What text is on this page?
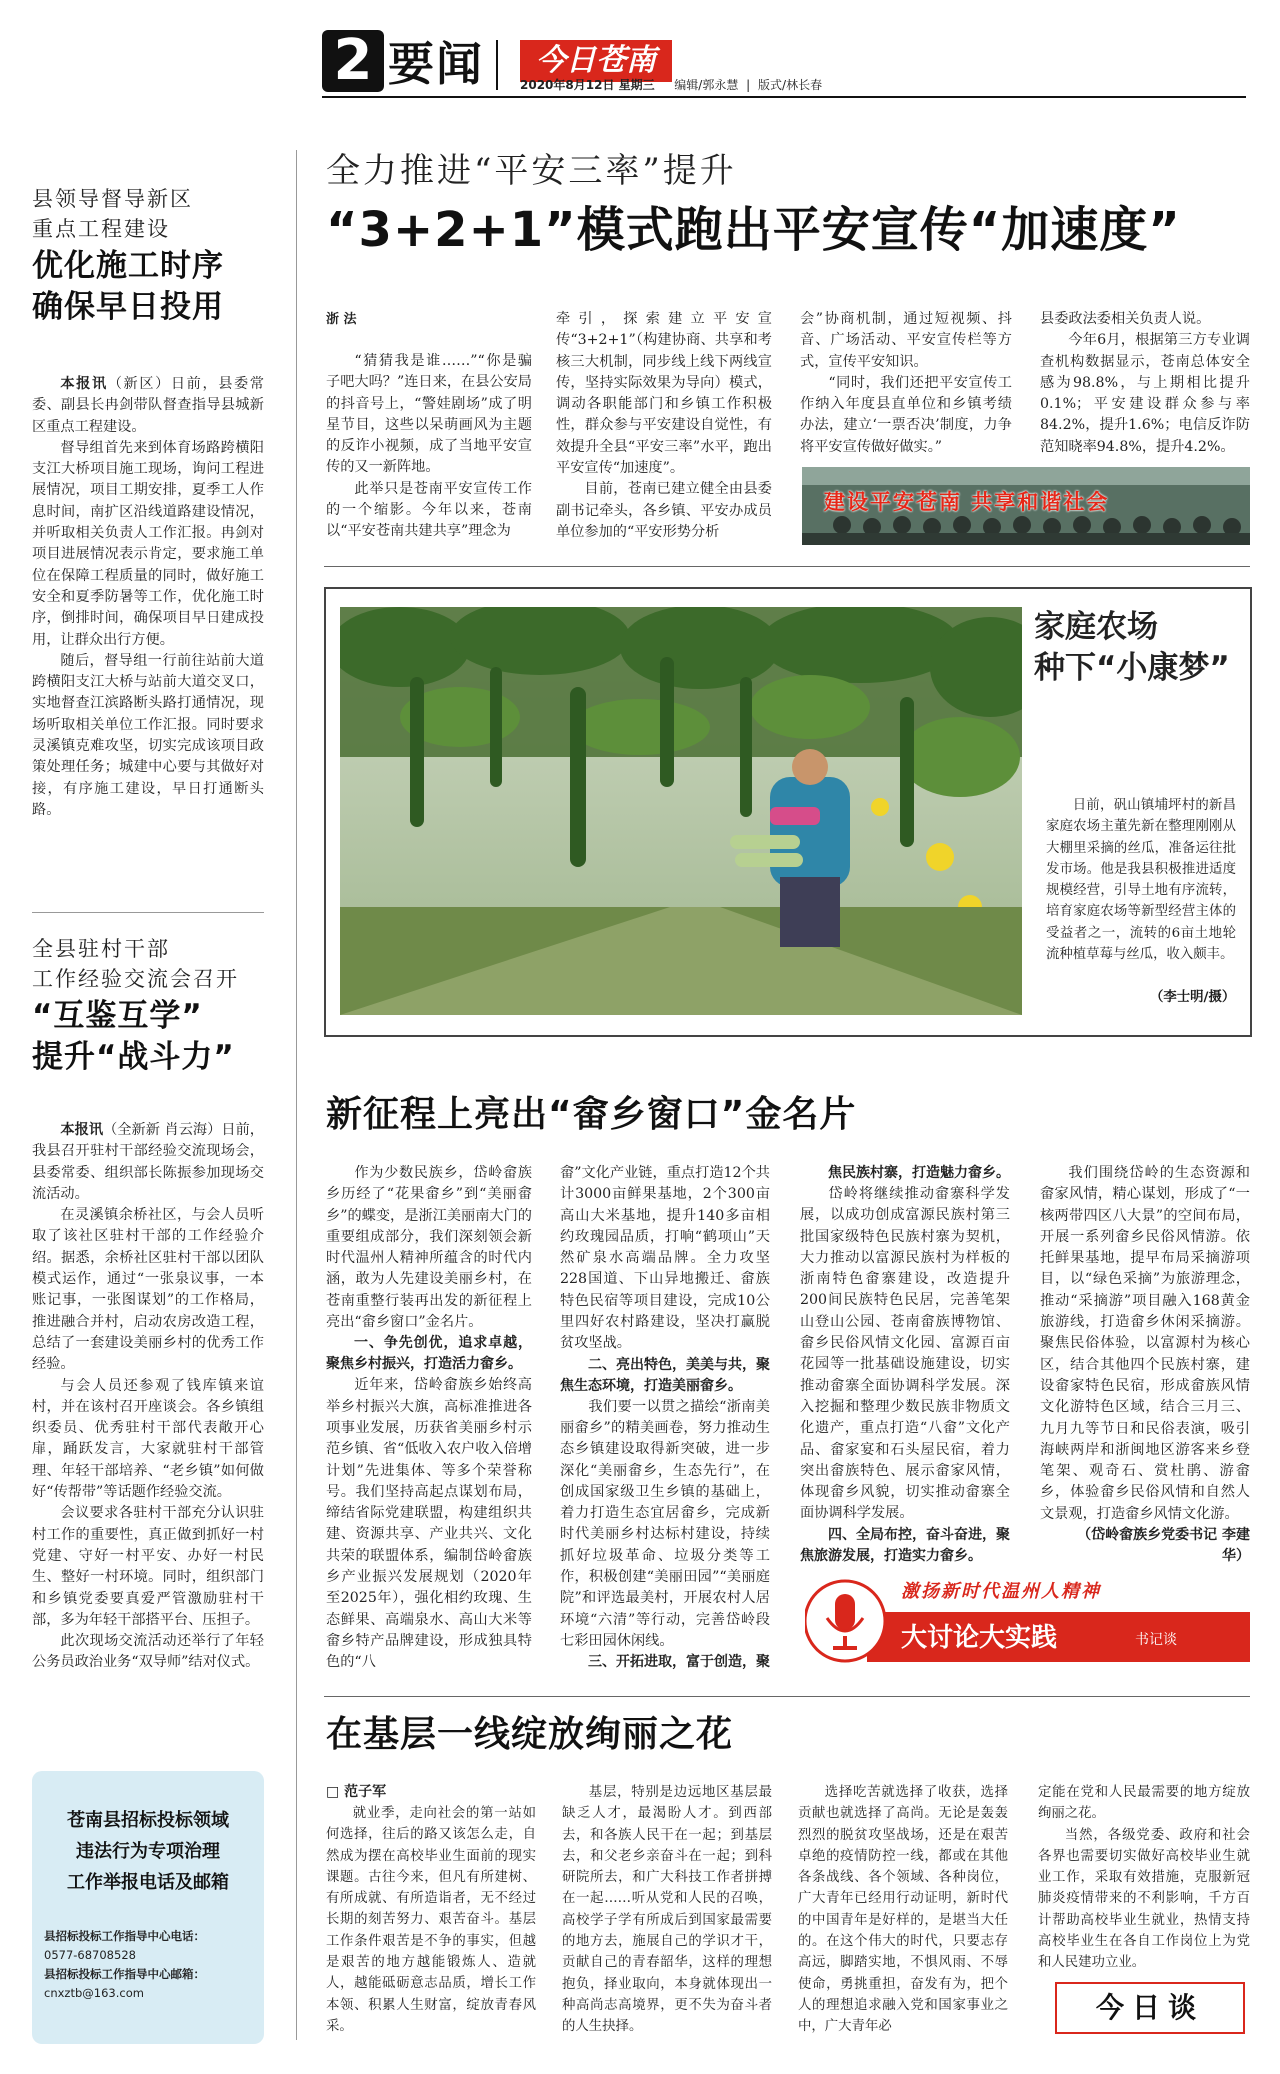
2 要闻	今日苍南
2020年8月12日 星期三 编辑/郭永慧 | 版式/林长春
县领导督导新区
重点工程建设
优化施工时序
确保早日投用

本报讯（新区）日前，县委常委、副县长冉剑带队督查指导县城新区重点工程建设。

督导组首先来到体育场路跨横阳支江大桥项目施工现场，询问工程进展情况，项目工期安排，夏季工人作息时间，南扩区沿线道路建设情况，并听取相关负责人工作汇报。冉剑对项目进展情况表示肯定，要求施工单位在保障工程质量的同时，做好施工安全和夏季防暑等工作，优化施工时序，倒排时间，确保项目早日建成投用，让群众出行方便。

随后，督导组一行前往站前大道跨横阳支江大桥与站前大道交叉口，实地督查江滨路断头路打通情况，现场听取相关单位工作汇报。同时要求灵溪镇克难攻坚，切实完成该项目政策处理任务；城建中心要与其做好对接，有序施工建设，早日打通断头路。

全县驻村干部
工作经验交流会召开
“互鉴互学”
提升“战斗力”

本报讯（全新新 肖云海）日前，我县召开驻村干部经验交流现场会，县委常委、组织部长陈振参加现场交流活动。

在灵溪镇余桥社区，与会人员听取了该社区驻村干部的工作经验介绍。据悉，余桥社区驻村干部以团队模式运作，通过“一张泉议事，一本账记事，一张图谋划”的工作格局，推进融合并村，启动农房改造工程，总结了一套建设美丽乡村的优秀工作经验。

与会人员还参观了钱库镇来谊村，并在该村召开座谈会。各乡镇组织委员、优秀驻村干部代表敞开心扉，踊跃发言，大家就驻村干部管理、年轻干部培养、“老乡镇”如何做好“传帮带”等话题作经验交流。

会议要求各驻村干部充分认识驻村工作的重要性，真正做到抓好一村党建、守好一村平安、办好一村民生、整好一村环境。同时，组织部门和乡镇党委要真爱严管激励驻村干部，多为年轻干部搭平台、压担子。

此次现场交流活动还举行了年轻公务员政治业务“双导师”结对仪式。

苍南县招标投标领域
违法行为专项治理
工作举报电话及邮箱
县招标投标工作指导中心电话：
0577-68708528
县招标投标工作指导中心邮箱：
cnxztb@163.com
全力推进“平安三率”提升
“3+2+1”模式跑出平安宣传“加速度”
浙 法

“猜猜我是谁……”“你是骗子吧大吗？”连日来，在县公安局的抖音号上，“警娃剧场”成了明星节目，这些以呆萌画风为主题的反诈小视频，成了当地平安宣传的又一新阵地。

此举只是苍南平安宣传工作的一个缩影。今年以来，苍南以“平安苍南共建共享”理念为

牵引，探索建立平安宣传“3+2+1”（构建协商、共享和考核三大机制，同步线上线下两线宣传，坚持实际效果为导向）模式，调动各职能部门和乡镇工作积极性，群众参与平安建设自觉性，有效提升全县“平安三率”水平，跑出平安宣传“加速度”。

目前，苍南已建立健全由县委副书记牵头，各乡镇、平安办成员单位参加的“平安形势分析

会”协商机制，通过短视频、抖音、广场活动、平安宣传栏等方式，宣传平安知识。

“同时，我们还把平安宣传工作纳入年度县直单位和乡镇考绩办法，建立‘一票否决’制度，力争将平安宣传做好做实。”

县委政法委相关负责人说。

今年6月，根据第三方专业调查机构数据显示，苍南总体安全感为98.8%，与上期相比提升0.1%；平安建设群众参与率84.2%，提升1.6%；电信反诈防范知晓率94.8%，提升4.2%。

建设平安苍南 共享和谐社会
家庭农场
种下“小康梦”
日前，矾山镇埔坪村的新昌家庭农场主董先新在整理刚刚从大棚里采摘的丝瓜，准备运往批发市场。他是我县积极推进适度规模经营，引导土地有序流转，培育家庭农场等新型经营主体的受益者之一，流转的6亩土地轮流种植草莓与丝瓜，收入颇丰。
（李士明/摄）
新征程上亮出“畲乡窗口”金名片

作为少数民族乡，岱岭畲族乡历经了“花果畲乡”到“美丽畲乡”的蝶变，是浙江美丽南大门的重要组成部分，我们深刻领会新时代温州人精神所蕴含的时代内涵，敢为人先建设美丽乡村，在苍南重整行装再出发的新征程上亮出“畲乡窗口”金名片。

一、争先创优，追求卓越，聚焦乡村振兴，打造活力畲乡。

近年来，岱岭畲族乡始终高举乡村振兴大旗，高标准推进各项事业发展，历获省美丽乡村示范乡镇、省“低收入农户收入倍增计划”先进集体、等多个荣誉称号。我们坚持高起点谋划布局，缔结省际党建联盟，构建组织共建、资源共享、产业共兴、文化共荣的联盟体系，编制岱岭畲族乡产业振兴发展规划（2020年至2025年），强化相约玫瑰、生态鲜果、高端泉水、高山大米等畲乡特产品牌建设，形成独具特色的“八

畲”文化产业链，重点打造12个共计3000亩鲜果基地，2个300亩高山大米基地，提升140多亩相约玫瑰园品质，打响“鹤项山”天然矿泉水高端品牌。全力攻坚228国道、下山异地搬迁、畲族特色民宿等项目建设，完成10公里四好农村路建设，坚决打赢脱贫攻坚战。

二、亮出特色，美美与共，聚焦生态环境，打造美丽畲乡。

我们要一以贯之描绘“浙南美丽畲乡”的精美画卷，努力推动生态乡镇建设取得新突破，进一步深化“美丽畲乡，生态先行”，在创成国家级卫生乡镇的基础上，着力打造生态宜居畲乡，完成新时代美丽乡村达标村建设，持续抓好垃圾革命、垃圾分类等工作，积极创建“美丽田园”“美丽庭院”和评选最美村，开展农村人居环境“六清”等行动，完善岱岭段七彩田园休闲线。

三、开拓进取，富于创造，聚

焦民族村寨，打造魅力畲乡。

岱岭将继续推动畲寨科学发展，以成功创成富源民族村第三批国家级特色民族村寨为契机，大力推动以富源民族村为样板的浙南特色畲寨建设，改造提升200间民族特色民居，完善笔架山登山公园、苍南畲族博物馆、畲乡民俗风情文化园、富源百亩花园等一批基础设施建设，切实推动畲寨全面协调科学发展。深入挖掘和整理少数民族非物质文化遗产，重点打造“八畲”文化产品、畲家宴和石头屋民宿，着力突出畲族特色、展示畲家风情，体现畲乡风貌，切实推动畲寨全面协调科学发展。

四、全局布控，奋斗奋进，聚焦旅游发展，打造实力畲乡。

我们围绕岱岭的生态资源和畲家风情，精心谋划，形成了“一核两带四区八大景”的空间布局，开展一系列畲乡民俗风情游。依托鲜果基地，提早布局采摘游项目，以“绿色采摘”为旅游理念，推动“采摘游”项目融入168黄金旅游线，打造畲乡休闲采摘游。聚焦民俗体验，以富源村为核心区，结合其他四个民族村寨，建设畲家特色民宿，形成畲族风情文化游特色区域，结合三月三、九月九等节日和民俗表演，吸引海峡两岸和浙闽地区游客来乡登笔架、观奇石、赏杜鹃、游畲乡，体验畲乡民俗风情和自然人文景观，打造畲乡风情文化游。

（岱岭畲族乡党委书记 李建华）

激扬新时代温州人精神
大讨论大实践	书记谈
在基层一线绽放绚丽之花
□ 范子军

就业季，走向社会的第一站如何选择，往后的路又该怎么走，自然成为摆在高校毕业生面前的现实课题。古往今来，但凡有所建树、有所成就、有所造诣者，无不经过长期的刻苦努力、艰苦奋斗。基层工作条件艰苦是不争的事实，但越是艰苦的地方越能锻炼人、造就人，越能砥砺意志品质，增长工作本领、积累人生财富，绽放青春风采。

基层，特别是边远地区基层最缺乏人才，最渴盼人才。到西部去，和各族人民干在一起；到基层去，和父老乡亲奋斗在一起；到科研院所去，和广大科技工作者拼搏在一起……听从党和人民的召唤，高校学子学有所成后到国家最需要的地方去，施展自己的学识才干，贡献自己的青春韶华，这样的理想抱负，择业取向，本身就体现出一种高尚志高境界，更不失为奋斗者的人生抉择。

选择吃苦就选择了收获，选择贡献也就选择了高尚。无论是轰轰烈烈的脱贫攻坚战场，还是在艰苦卓绝的疫情防控一线，都或在其他各条战线、各个领域、各种岗位，广大青年已经用行动证明，新时代的中国青年是好样的，是堪当大任的。在这个伟大的时代，只要志存高远，脚踏实地，不惧风雨、不辱使命，勇挑重担，奋发有为，把个人的理想追求融入党和国家事业之中，广大青年必

定能在党和人民最需要的地方绽放绚丽之花。

当然，各级党委、政府和社会各界也需要切实做好高校毕业生就业工作，采取有效措施，克服新冠肺炎疫情带来的不利影响，千方百计帮助高校毕业生就业，热情支持高校毕业生在各自工作岗位上为党和人民建功立业。

今日谈
